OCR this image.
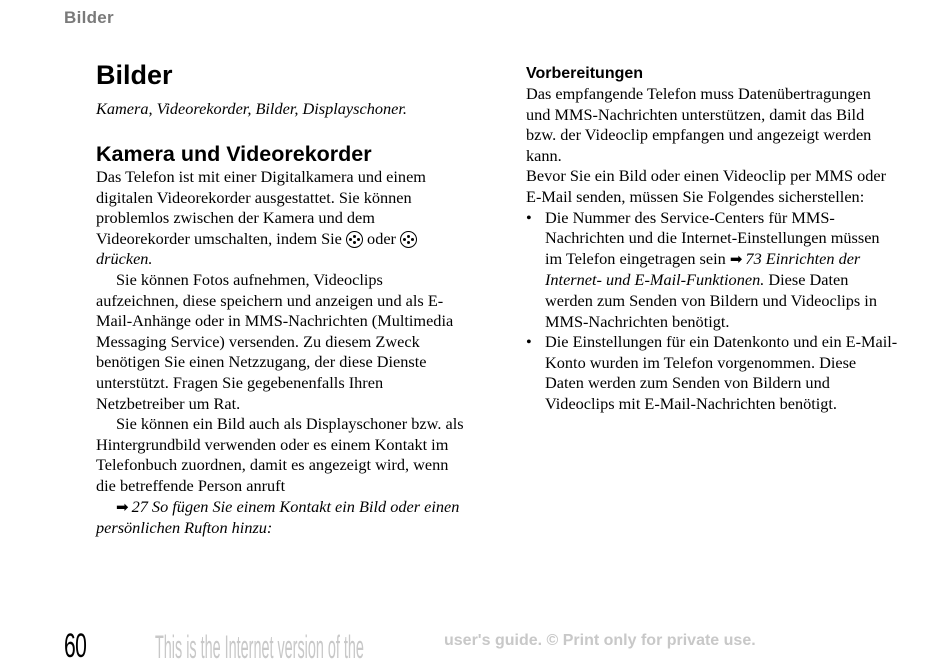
Bilder
Bilder
Kamera, Videorekorder, Bilder, Displayschoner.
Kamera und Videorekorder

Das Telefon ist mit einer Digitalkamera und einem digitalen Videorekorder ausgestattet. Sie können problemlos zwischen der Kamera und dem Videorekorder umschalten, indem Sie oder  drücken.

Sie können Fotos aufnehmen, Videoclips aufzeichnen, diese speichern und anzeigen und als E-Mail-Anhänge oder in MMS-Nachrichten (Multimedia Messaging Service) versenden. Zu diesem Zweck benötigen Sie einen Netzzugang, der diese Dienste unterstützt. Fragen Sie gegebenenfalls Ihren Netzbetreiber um Rat.

Sie können ein Bild auch als Displayschoner bzw. als Hintergrundbild verwenden oder es einem Kontakt im Telefonbuch zuordnen, damit es angezeigt wird, wenn die betreffende Person anruft
➡ 27 So fügen Sie einem Kontakt ein Bild oder einen persönlichen Rufton hinzu:

Vorbereitungen

Das empfangende Telefon muss Datenübertragungen und MMS-Nachrichten unterstützen, damit das Bild bzw. der Videoclip empfangen und angezeigt werden kann.

Bevor Sie ein Bild oder einen Videoclip per MMS oder E-Mail senden, müssen Sie Folgendes sicherstellen:

• Die Nummer des Service-Centers für MMS-Nachrichten und die Internet-Einstellungen müssen im Telefon eingetragen sein ➡ 73 Einrichten der Internet- und E-Mail-Funktionen. Diese Daten werden zum Senden von Bildern und Videoclips in MMS-Nachrichten benötigt.
• Die Einstellungen für ein Datenkonto und ein E-Mail-Konto wurden im Telefon vorgenommen. Diese Daten werden zum Senden von Bildern und Videoclips mit E-Mail-Nachrichten benötigt.
60 This is the Internet version of the	user's guide. © Print only for private use.
